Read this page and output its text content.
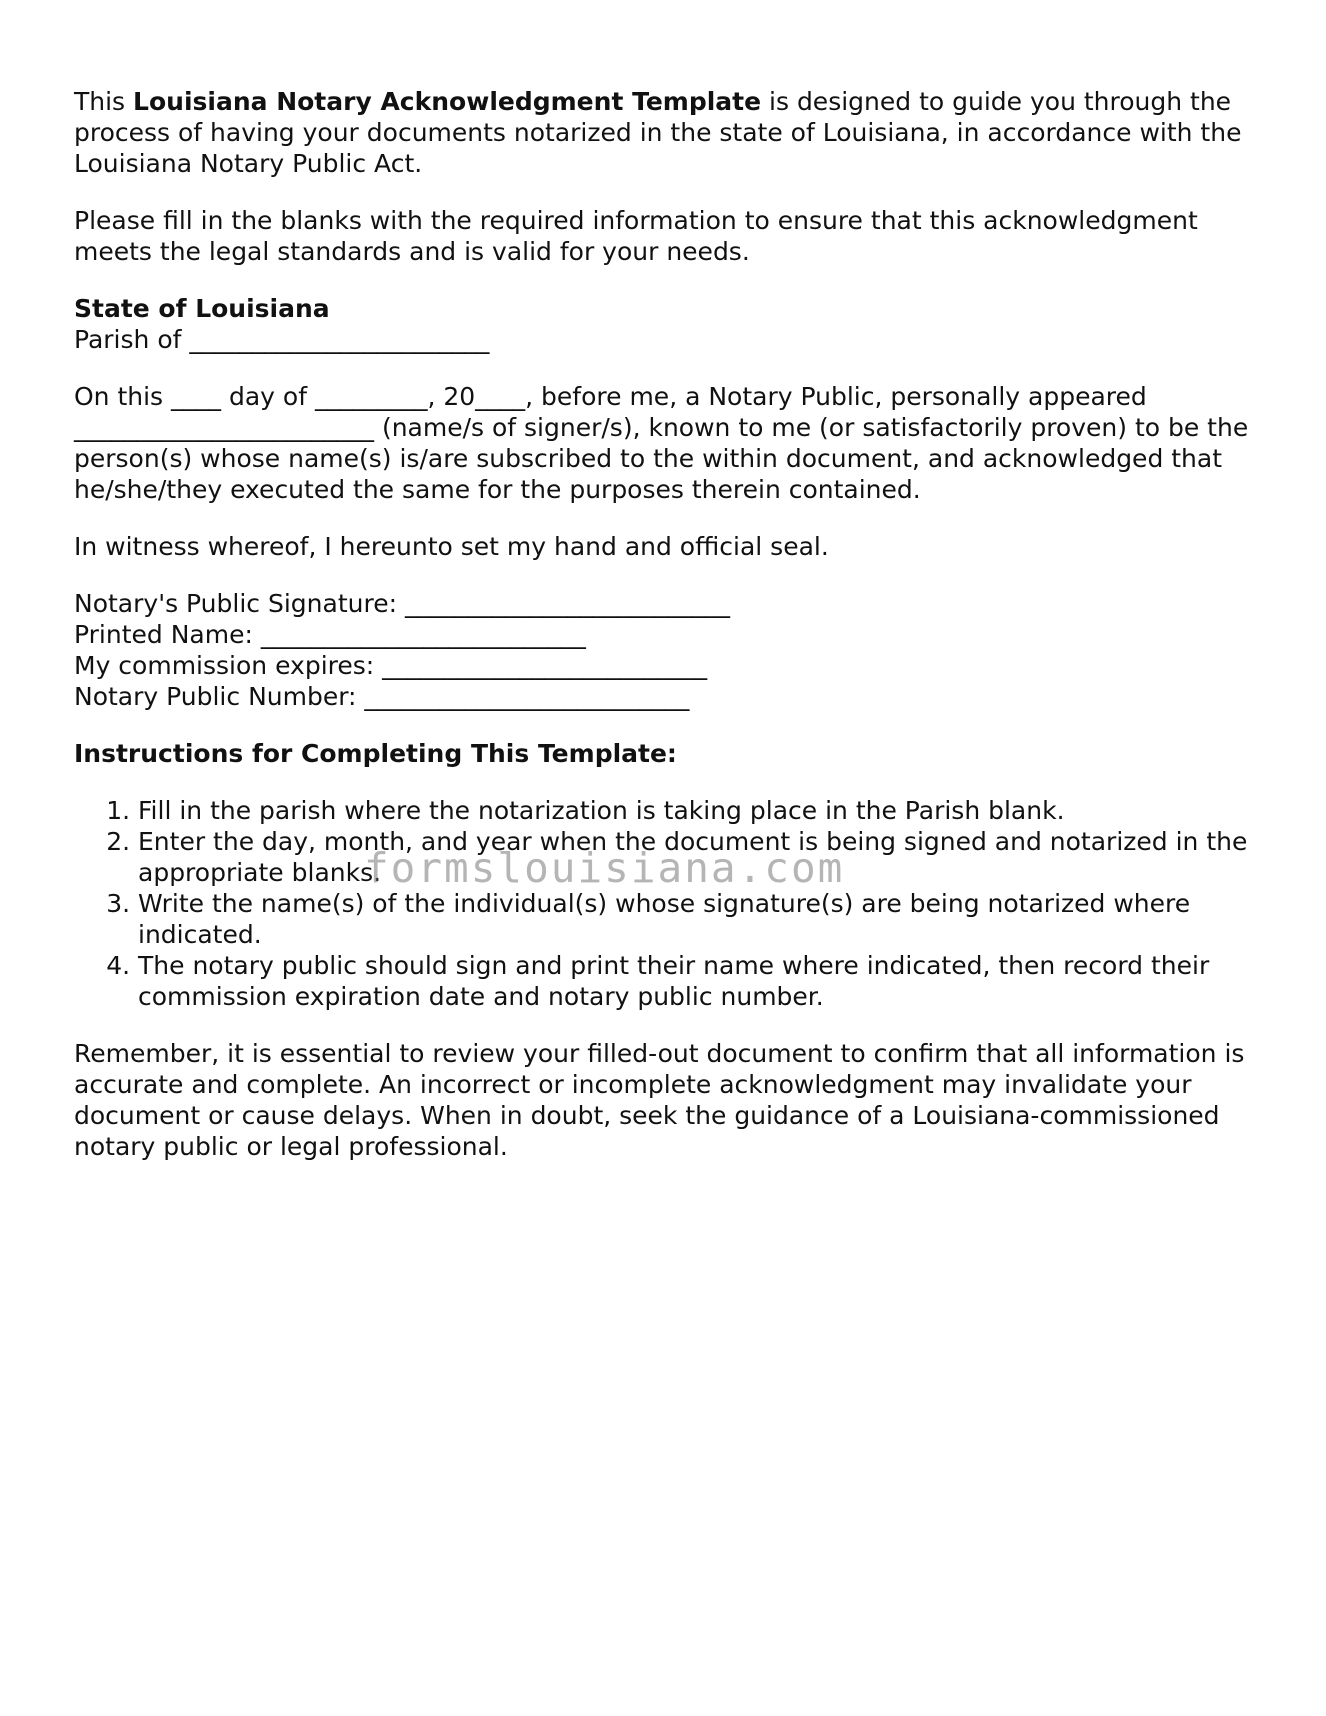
This Louisiana Notary Acknowledgment Template is designed to guide you through the process of having your documents notarized in the state of Louisiana, in accordance with the Louisiana Notary Public Act.

Please fill in the blanks with the required information to ensure that this acknowledgment meets the legal standards and is valid for your needs.

State of Louisiana
Parish of ________________________

On this ____ day of _________, 20____, before me, a Notary Public, personally appeared ________________________ (name/s of signer/s), known to me (or satisfactorily proven) to be the person(s) whose name(s) is/are subscribed to the within document, and acknowledged that he/she/they executed the same for the purposes therein contained.

In witness whereof, I hereunto set my hand and official seal.

Notary's Public Signature: __________________________
Printed Name: __________________________
My commission expires: __________________________
Notary Public Number: __________________________

Instructions for Completing This Template:
1. Fill in the parish where the notarization is taking place in the Parish blank.
2. Enter the day, month, and year when the document is being signed and notarized in the appropriate blanks.
3. Write the name(s) of the individual(s) whose signature(s) are being notarized where indicated.
4. The notary public should sign and print their name where indicated, then record their commission expiration date and notary public number.

Remember, it is essential to review your filled-out document to confirm that all information is accurate and complete. An incorrect or incomplete acknowledgment may invalidate your document or cause delays. When in doubt, seek the guidance of a Louisiana-commissioned notary public or legal professional.

formslouisiana.com
